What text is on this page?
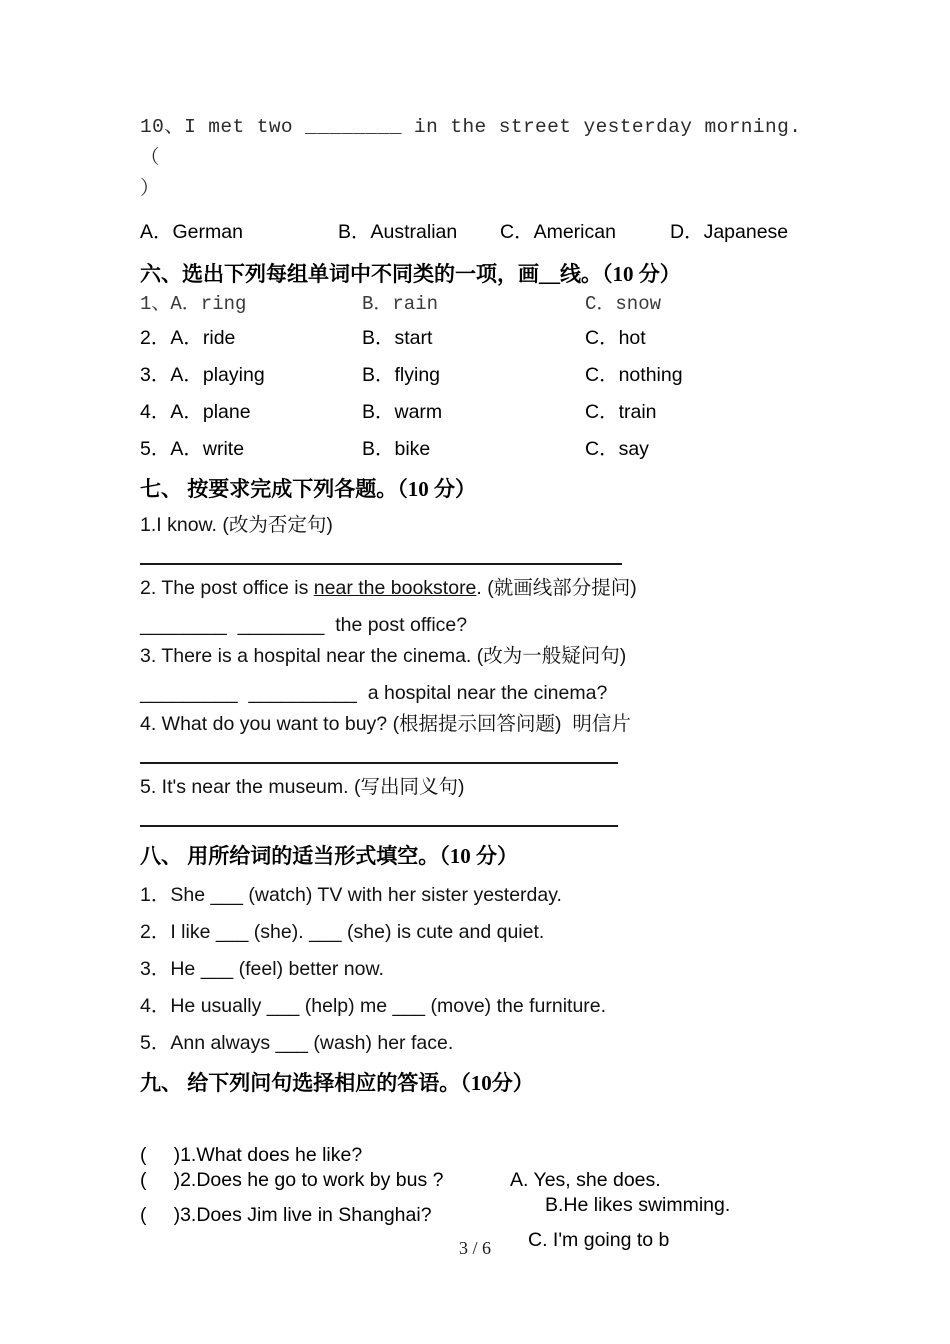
10、I met two ________ in the street yesterday morning.  （
）
A．German	B．Australian C．American	D．Japanese
六、选出下列每组单词中不同类的一项，画__线。（10 分）
1、A．ring	B．rain	C．snow
2．A．ride	B．start	C．hot
3．A．playing	B．flying	C．nothing
4．A．plane	B．warm	C．train
5．A．write	B．bike	C．say
七、 按要求完成下列各题。（10 分）
1.I know. (改为否定句)
2. The post office is near the bookstore. (就画线部分提问)
________  ________  the post office?
3. There is a hospital near the cinema. (改为一般疑问句)
_________  __________  a hospital near the cinema?
4. What do you want to buy? (根据提示回答问题)  明信片
5. It's near the museum. (写出同义句)
八、 用所给词的适当形式填空。（10 分）
1．She ___ (watch) TV with her sister yesterday.
2．I like ___ (she). ___ (she) is cute and quiet.
3．He ___ (feel) better now.
4．He usually ___ (help) me ___ (move) the furniture.
5．Ann always ___ (wash) her face.
九、 给下列问句选择相应的答语。（10分）

(     )1.What does he like?

A. Yes, she does.

(     )2.Does he go to work by bus ?

B.He likes swimming.

(     )3.Does Jim live in Shanghai?

C. I'm going to b

3 / 6
